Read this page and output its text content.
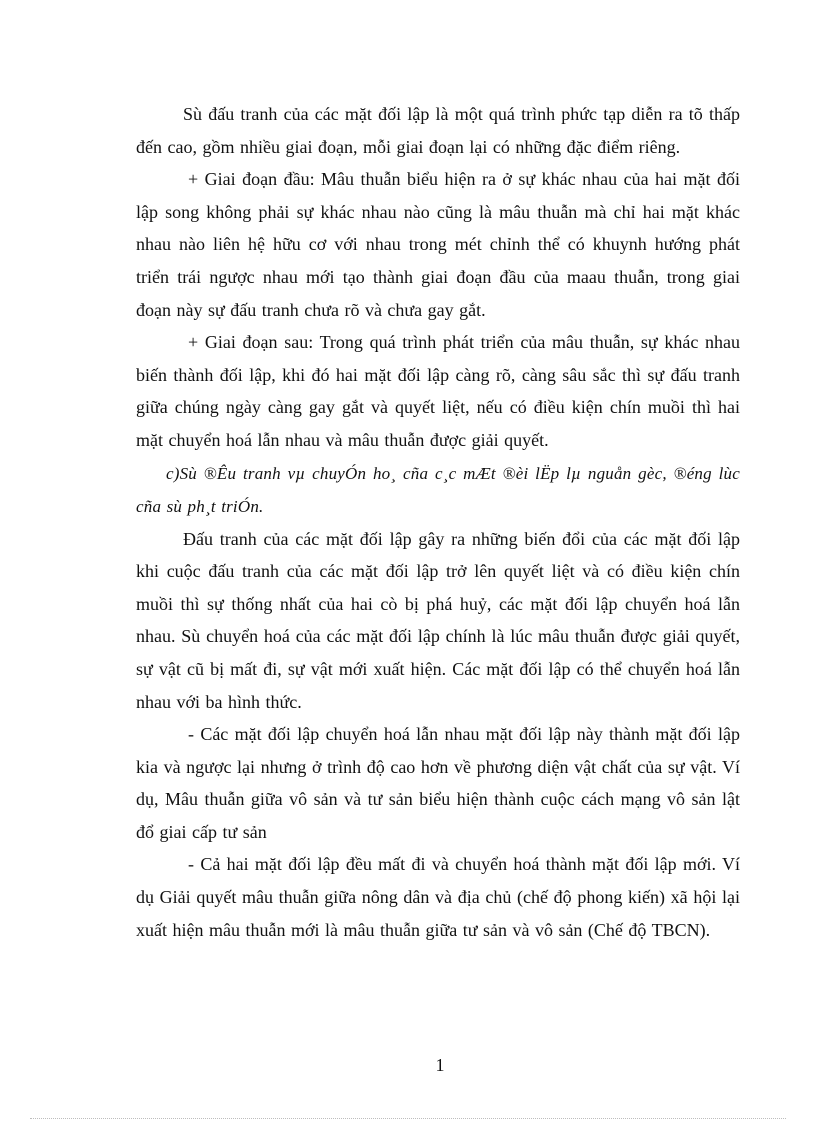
Sù đấu tranh của các mặt đối lập là một quá trình phức tạp diễn ra tõ thấp đến cao, gồm nhiều giai đoạn, mỗi giai đoạn lại có những đặc điểm riêng.

+ Giai đoạn đầu: Mâu thuẫn biểu hiện ra ở sự khác nhau của hai mặt đối lập song không phải sự khác nhau nào cũng là mâu thuẫn mà chỉ hai mặt khác nhau nào liên hệ hữu cơ với nhau trong mét chỉnh thể có khuynh hướng phát triển trái ngược nhau mới tạo thành giai đoạn đầu của maau thuẫn, trong giai đoạn này sự đấu tranh chưa rõ và chưa gay gắt.

+ Giai đoạn sau: Trong quá trình phát triển của mâu thuẫn, sự khác nhau biến thành đối lập, khi đó hai mặt đối lập càng rõ, càng sâu sắc thì sự đấu tranh giữa chúng ngày càng gay gắt và quyết liệt, nếu có điều kiện chín muồi thì hai mặt chuyển hoá lẫn nhau và mâu thuẫn được giải quyết.

c)Sù ®Êu tranh vµ chuyÓn ho¸ cña c¸c mÆt ®èi lËp lµ nguån gèc, ®éng lùc cña sù ph¸t triÓn.

Đấu tranh của các mặt đối lập gây ra những biến đổi của các mặt đối lập khi cuộc đấu tranh của các mặt đối lập trở lên quyết liệt và có điều kiện chín muồi thì sự thống nhất của hai cò bị phá huỷ, các mặt đối lập chuyển hoá lẫn nhau. Sù chuyển hoá của các mặt đối lập chính là lúc mâu thuẫn được giải quyết, sự vật cũ bị mất đi, sự vật mới xuất hiện. Các mặt đối lập có thể chuyển hoá lẫn nhau với ba hình thức.

- Các mặt đối lập chuyển hoá lẫn nhau mặt đối lập này thành mặt đối lập kia và ngược lại nhưng ở trình độ cao hơn về phương diện vật chất của sự vật. Ví dụ, Mâu thuẫn giữa vô sản và tư sản biểu hiện thành cuộc cách mạng vô sản lật đổ giai cấp tư sản

- Cả hai mặt đối lập đều mất đi và chuyển hoá thành mặt đối lập mới. Ví dụ Giải quyết mâu thuẫn giữa nông dân và địa chủ (chế độ phong kiến) xã hội lại xuất hiện mâu thuẫn mới là mâu thuẫn giữa tư sản và vô sản (Chế độ TBCN).

1
